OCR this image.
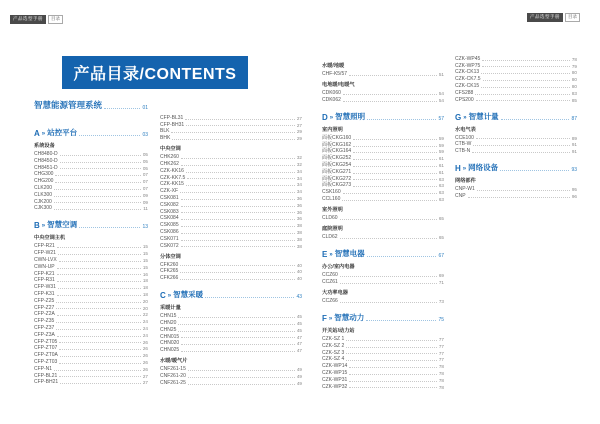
产品选型手册	目录	产品选型手册	目录
产品目录/CONTENTS
智慧能源管理系统	01
A » 站控平台	03
系统设备
CH8480-D	05
CH8450-D	05
CH8451-D	05
CHG300	07
CHG200	07
CLK200	07
CLK300	09
CJK200	09
CJK300	11
B » 智慧空调	13
中央空调主机
CFP-R21	15
CFP-W21	15
CWN-LVX	15
CWN-UP	15
CFP-K21	16
CFP-R31	18
CFP-W31	18
CFP-K31	18
CFP-Z25	20
CFP-Z27	20
CFP-Z2A	22
CFP-Z35	24
CFP-Z37	24
CFP-Z3A	24
CFP-ZT05	26
CFP-ZT07	26
CFP-ZT0A	26
CFP-ZT03	26
CFP-N1	26
CFP-BL21	27
CFP-BH21	27
CFP-BL31	27
CFP-BH31	27
BLK	29
BHK	29
中央空调
CHK260	32
CHK262	32
CZK-KK16	34
CZK-KK7.5	34
CZK-KK15	34
CZK-XF	34
CSK081	36
CSK082	36
CSK083	36
CSK084	36
CSK085	38
CSK086	38
CSK071	38
CSK072	38
分体空调
CFK260	40
CFK265	40
CFK266	40
C » 智慧采暖	43
采暖计量
CHN15	45
CHN20	45
CHN25	45
CHN015	47
CHN020	47
CHN025	47
水暖/暖气片
CNF261-15	49
CNF261-20	49
CNF261-25	49
水暖/地暖
CHF-K5/57	51
电地暖/电暖气
CDK060	54
CDK062	54
D » 智慧照明	57
室内照明
面板CKG160	59
面板CKG162	59
面板CKG164	59
面板CKG252	61
面板CKG254	61
面板CKG271	61
面板CKG272	63
面板CKG273	63
CSK160	63
CCL160	63
室外照明
CLD60	65
庭院照明
CLD62	65
E » 智慧电器	67
办公/室内电器
CCZ60	69
CCZ61	71
大功率电器
CCZ66	73
F » 智慧动力	75
开关站/动力站
CZK-SZ 1	77
CZK-SZ 2	77
CZK-SZ 3	77
CZK-SZ 4	77
CZK-WP14	78
CZK-WP15	78
CZK-WP31	78
CZK-WP32	78
CZK-WP45	78
CZK-WP75	79
CZK-CK13	80
CZK-CK7.5	80
CZK-CK15	80
CFS288	83
CPS200	85
G » 智慧计量	87
水电气表
CCE100	89
CTB-W	91
CTB-N	91
H » 网络设备	93
网络部件
CNP-W1	95
CNP	96
